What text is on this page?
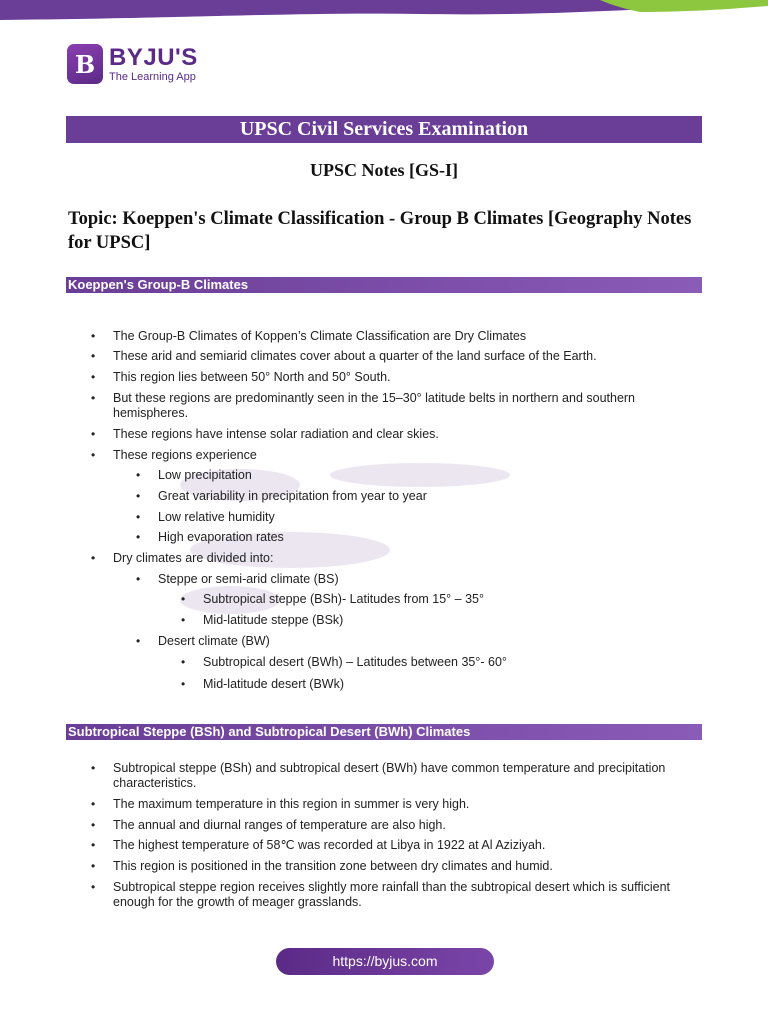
B BYJU'S
The Learning App
UPSC Civil Services Examination
UPSC Notes [GS-I]
Topic: Koeppen's Climate Classification - Group B Climates [Geography Notes for UPSC]
Koeppen's Group-B Climates
• The Group-B Climates of Koppen’s Climate Classification are Dry Climates
• These arid and semiarid climates cover about a quarter of the land surface of the Earth.
• This region lies between 50° North and 50° South.
• But these regions are predominantly seen in the 15–30° latitude belts in northern and southern hemispheres.
• These regions have intense solar radiation and clear skies.
• These regions experience
• Low precipitation
• Great variability in precipitation from year to year
• Low relative humidity
• High evaporation rates
• Dry climates are divided into:
• Steppe or semi-arid climate (BS)
• Subtropical steppe (BSh)- Latitudes from 15° – 35°
• Mid-latitude steppe (BSk)
• Desert climate (BW)
• Subtropical desert (BWh) – Latitudes between 35°- 60°
• Mid-latitude desert (BWk)
Subtropical Steppe (BSh) and Subtropical Desert (BWh) Climates
• Subtropical steppe (BSh) and subtropical desert (BWh) have common temperature and precipitation characteristics.
• The maximum temperature in this region in summer is very high.
• The annual and diurnal ranges of temperature are also high.
• The highest temperature of 58℃ was recorded at Libya in 1922 at Al Aziziyah.
• This region is positioned in the transition zone between dry climates and humid.
• Subtropical steppe region receives slightly more rainfall than the subtropical desert which is sufficient enough for the growth of meager grasslands.
https://byjus.com
